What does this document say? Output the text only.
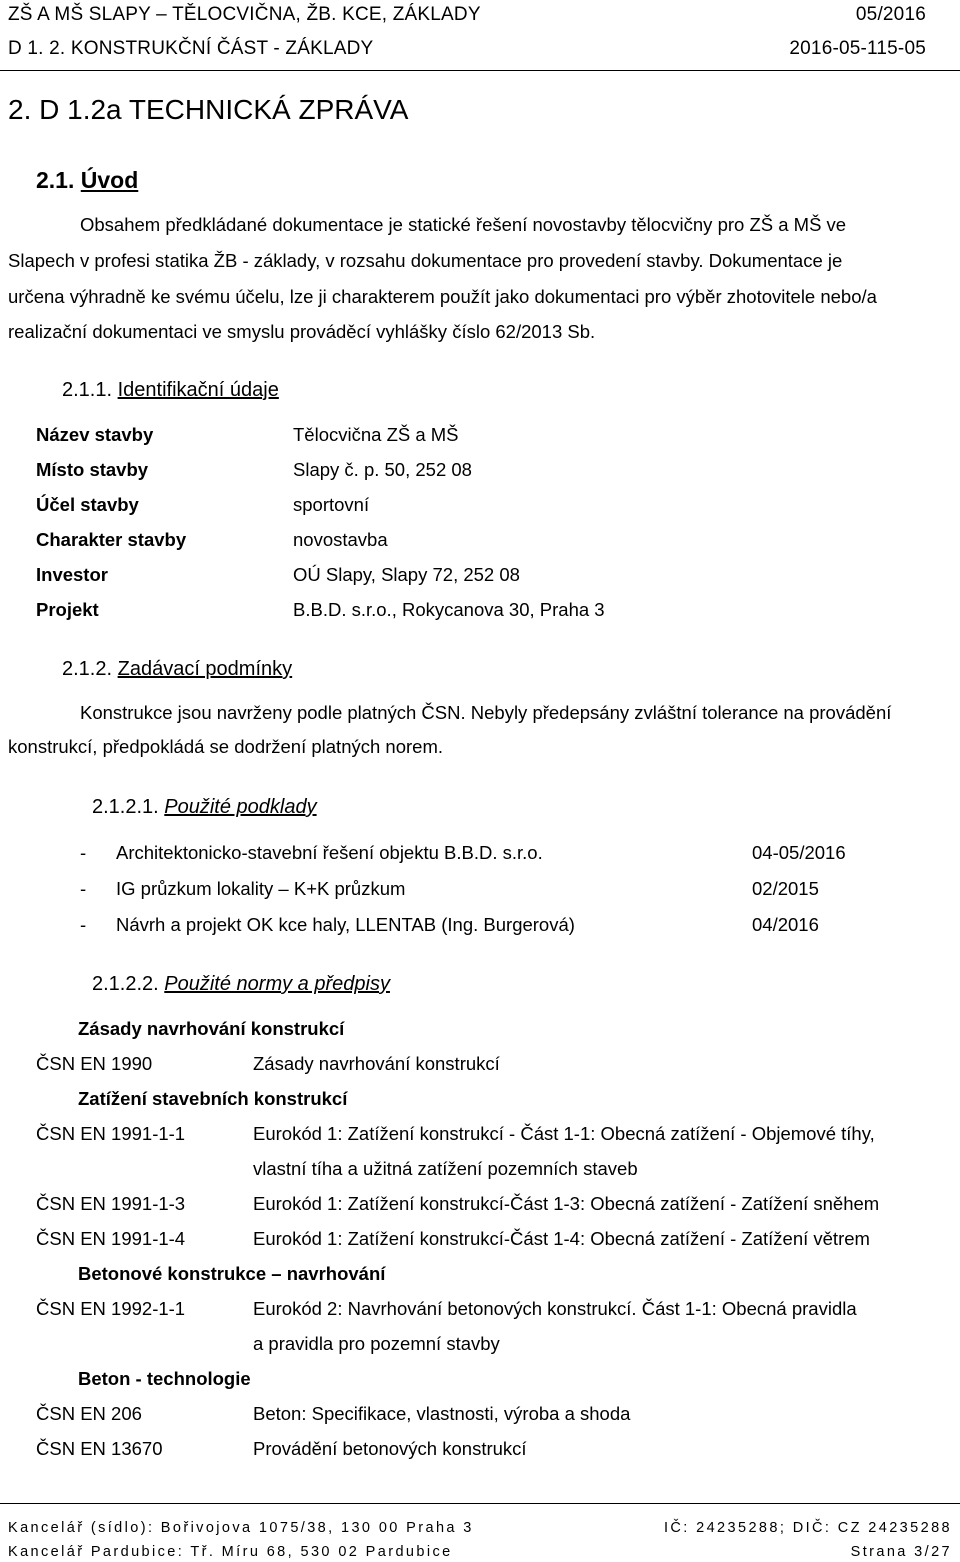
ZŠ A MŠ SLAPY – TĚLOCVIČNA, ŽB. KCE, ZÁKLADY	05/2016
D 1. 2. KONSTRUKČNÍ ČÁST - ZÁKLADY	2016-05-115-05
2. D 1.2a TECHNICKÁ ZPRÁVA
2.1. Úvod
Obsahem předkládané dokumentace je statické řešení novostavby tělocvičny pro ZŠ a MŠ ve
Slapech v profesi statika ŽB - základy, v rozsahu dokumentace pro provedení stavby. Dokumentace je
určena výhradně ke svému účelu, lze ji charakterem použít jako dokumentaci pro výběr zhotovitele nebo/a
realizační dokumentaci ve smyslu prováděcí vyhlášky číslo 62/2013 Sb.
2.1.1. Identifikační údaje
Název stavby	Tělocvična ZŠ a MŠ
Místo stavby	Slapy č. p. 50, 252 08
Účel stavby	sportovní
Charakter stavby	novostavba
Investor	OÚ Slapy, Slapy 72, 252 08
Projekt	B.B.D. s.r.o., Rokycanova 30, Praha 3
2.1.2. Zadávací podmínky
Konstrukce jsou navrženy podle platných ČSN. Nebyly předepsány zvláštní tolerance na provádění
konstrukcí, předpokládá se dodržení platných norem.
2.1.2.1. Použité podklady
- Architektonicko-stavební řešení objektu B.B.D. s.r.o.	04-05/2016
- IG průzkum lokality – K+K průzkum	02/2015
- Návrh a projekt OK kce haly, LLENTAB (Ing. Burgerová)	04/2016
2.1.2.2. Použité normy a předpisy
Zásady navrhování konstrukcí
ČSN EN 1990	Zásady navrhování konstrukcí
Zatížení stavebních konstrukcí
ČSN EN 1991-1-1	Eurokód 1: Zatížení konstrukcí - Část 1-1: Obecná zatížení - Objemové tíhy,
vlastní tíha a užitná zatížení pozemních staveb
ČSN EN 1991-1-3	Eurokód 1: Zatížení konstrukcí-Část 1-3: Obecná zatížení - Zatížení sněhem
ČSN EN 1991-1-4	Eurokód 1: Zatížení konstrukcí-Část 1-4: Obecná zatížení - Zatížení větrem
Betonové konstrukce – navrhování
ČSN EN 1992-1-1	Eurokód 2: Navrhování betonových konstrukcí. Část 1-1: Obecná pravidla
a pravidla pro pozemní stavby
Beton - technologie
ČSN EN 206	Beton: Specifikace, vlastnosti, výroba a shoda
ČSN EN 13670	Provádění betonových konstrukcí
Kancelář (sídlo): Bořivojova 1075/38, 130 00 Praha 3	IČ: 24235288; DIČ: CZ 24235288
Kancelář Pardubice: Tř. Míru 68, 530 02 Pardubice	Strana 3/27
